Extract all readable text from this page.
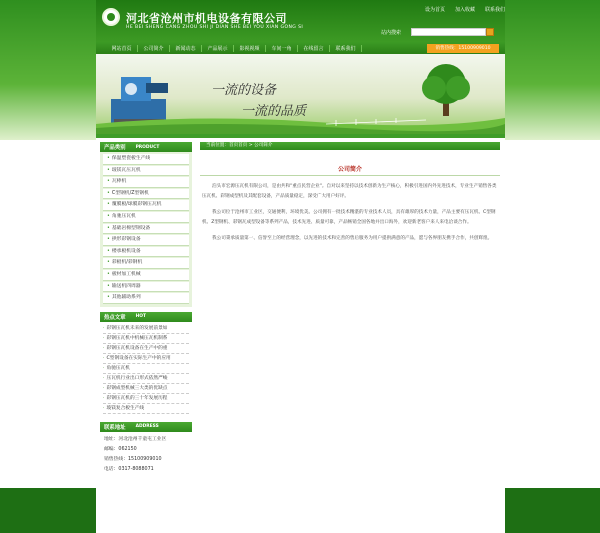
河北省沧州市机电设备有限公司
HE BEI SHENG CANG ZHOU SHI JI DIAN SHE BEI YOU XIAN GONG SI
设为首页 加入收藏 联系我们
站内搜索
网站首页	公司简介	新闻动态	产品展示	影视视频	车间一角	在线留言	联系我们	销售热线：15100909010
一流的设备
一流的品质
产品类别 PRODUCT
• 保温塑瓷板生产线
• 玻镁瓦压瓦机
• 瓦棒机
• C型钢机/Z型钢机
• 覆膜板/球膜彩钢压瓦机
• 角驰压瓦机
• 基础岩棉型钢设备
• 拱形彩钢设备
• 楼承板机设备
• 彩板机/彩钢机
• 板材加工机械
• 输送机四周器
• 其他辅助系列
热点文章 HOT
· 彩钢压瓦机未来的发展前景如
· 彩钢压瓦机中机械压瓦机制系
· 彩钢压瓦机设备在生产中的重
· C型钢设备在实际生产中的应用
· 角驰压瓦机
· 压瓦机行业出口形式依然严峻
· 彩钢成型机械三大类的优缺点
· 彩钢压瓦机的三十年发展历程
· 玻镁复合板生产线
联系地址 ADDRESS
地址：河北沧州千童屯工业区
邮编：062150
销售热线：15100909010
电话：0317-8088071
当前位置：首页首页 > 公司简介
公司简介

泊头市宏源压瓦机有限公司，是由共和"重点民营企业"。自对以来坚持以技术创新为生产核心，积极引进国内外先进技术，专业生产销售各类压瓦机、彩钢成型机及其配套设备，产品质量稳定，深受广大用户好评。

我公司位于沧州市工业区，交通便利，环境优美。公司拥有一批技术精湛的专业技术人员，具有雄厚的技术力量，产品主要有压瓦机、C型钢机、Z型钢机、彩钢瓦成型设备等系列产品，技术先进、质量可靠，产品畅销全国各地并出口海外，欢迎新老客户来人来电洽谈合作。

我公司秉承质量第一、信誉至上的经营理念，以先进的技术和完善的售后服务为用户提供满意的产品，愿与各界朋友携手合作，共创辉煌。

网站首页 | 网站地图 | xml地图 | 在线留言 | 新闻声明 | 友情链接
地址：河北沧州千童屯工业区 邮编：062150 销售热线：15100909010 联系人：王经理（女士）
Copyright 河北省沧州市机电设备有限公司 All Rights Reserved.
